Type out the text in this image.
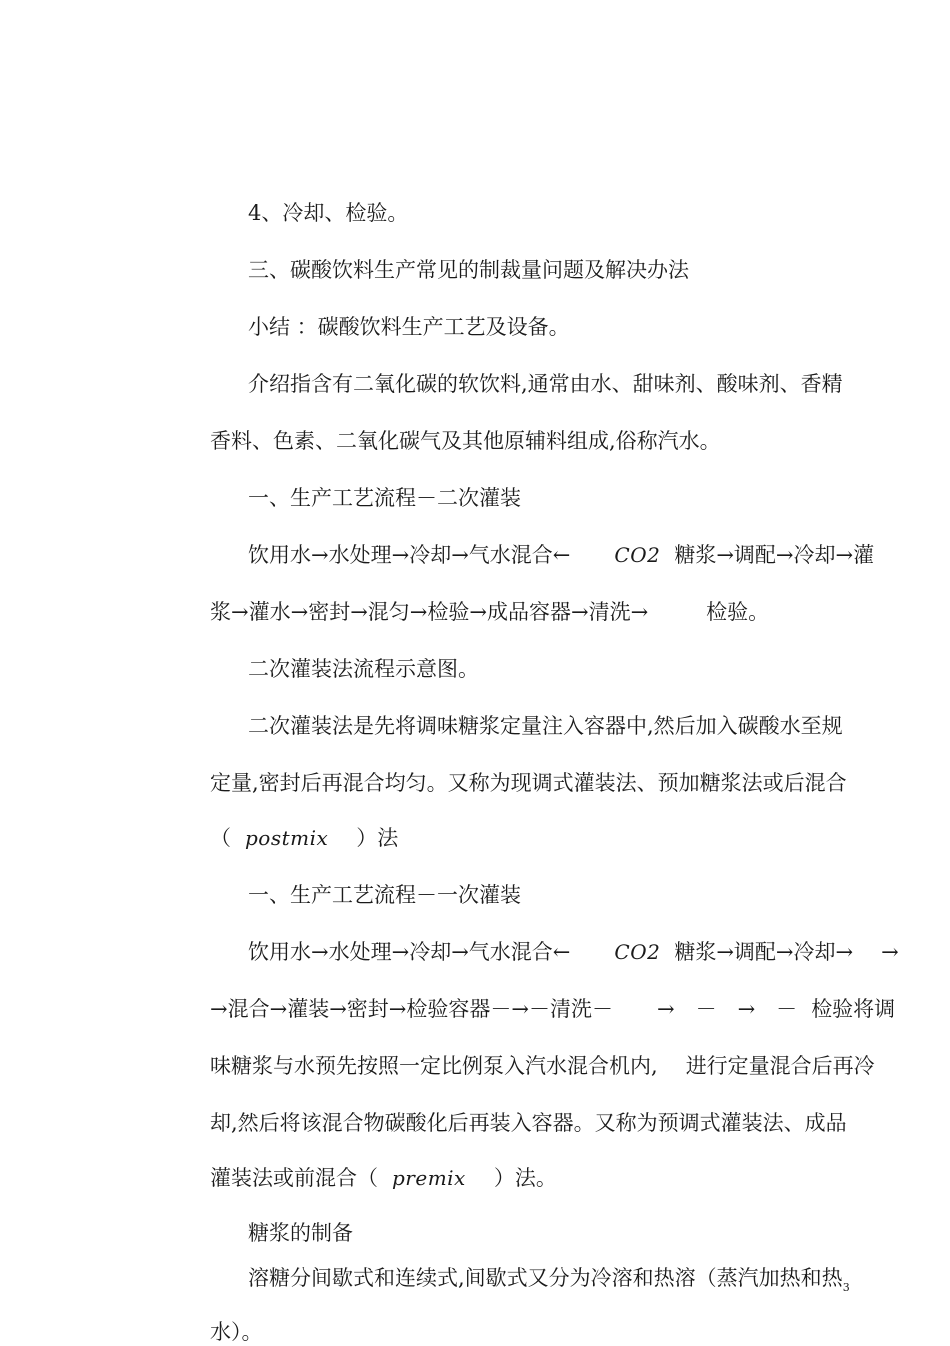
4、冷却、检验。
三、碳酸饮料生产常见的制裁量问题及解决办法
小结 ：碳酸饮料生产工艺及设备。
介绍指含有二氧化碳的软饮料,通常由水、甜味剂、酸味剂、香精
香料、色素、二氧化碳气及其他原辅料组成,俗称汽水。
一、生产工艺流程－二次灌装
饮用水→水处理→冷却→气水混合← CO2 糖浆→调配→冷却→灌
浆→灌水→密封→混匀→检验→成品容器→清洗→	检验。
二次灌装法流程示意图。
二次灌装法是先将调味糖浆定量注入容器中,然后加入碳酸水至规
定量,密封后再混合均匀。又称为现调式灌装法、预加糖浆法或后混合
（ postmix ）法
一、生产工艺流程－一次灌装
饮用水→水处理→冷却→气水混合← CO2 糖浆→调配→冷却→ →
→混合→灌装→密封→检验容器－→－清洗－ →　－　→　－ 检验将调
味糖浆与水预先按照一定比例泵入汽水混合机内, 进行定量混合后再冷
却,然后将该混合物碳酸化后再装入容器。又称为预调式灌装法、成品
灌装法或前混合（ premix ）法。
糖浆的制备
溶糖分间歇式和连续式,间歇式又分为冷溶和热溶（蒸汽加热和热$_3$
水）。
